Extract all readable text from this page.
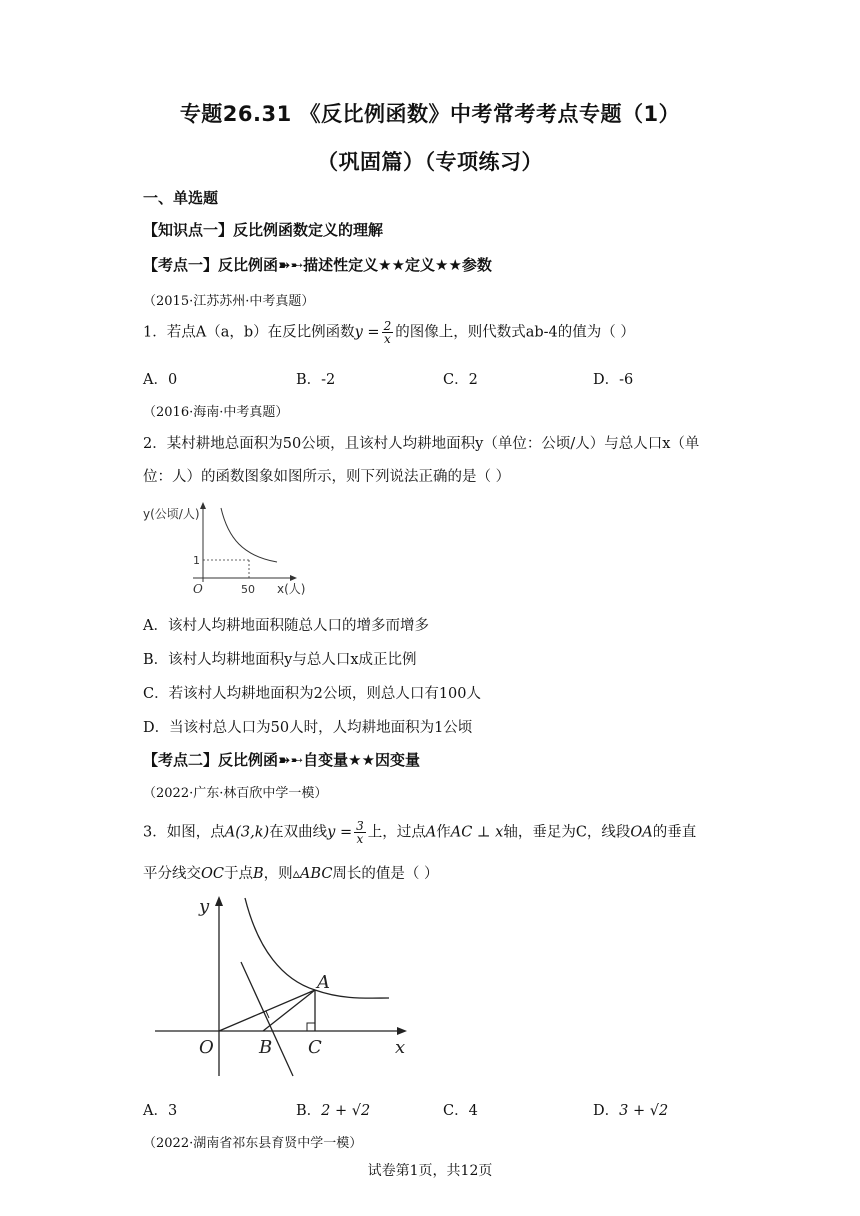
专题26.31 《反比例函数》中考常考考点专题（1）
（巩固篇）（专项练习）
一、单选题
【知识点一】反比例函数定义的理解
【考点一】反比例函➽➸描述性定义★★定义★★参数
（2015·江苏苏州·中考真题）
1．若点A（a，b）在反比例函数$y = \frac{2}{x}$ 的图像上，则代数式ab-4的值为（ ）
A．0	B．-2	C．2	D．-6
（2016·海南·中考真题）
2．某村耕地总面积为50公顷，且该村人均耕地面积y（单位：公顷/人）与总人口x（单
位：人）的函数图象如图所示，则下列说法正确的是（ ）
y(公顷/人)
1
O	50 x(人)
A．该村人均耕地面积随总人口的增多而增多
B．该村人均耕地面积y与总人口x成正比例
C．若该村人均耕地面积为2公顷，则总人口有100人
D．当该村总人口为50人时，人均耕地面积为1公顷
【考点二】反比例函➽➸自变量★★因变量
（2022·广东·林百欣中学一模）
3．如图，点A(3,k)在双曲线$y = \frac{3}{x}$ 上，过点A作AC ⊥ x轴，垂足为C，线段OA的垂直
平分线交OC于点B，则▵ABC周长的值是（ ）
y
x
O
A
B C
A．3	B．2 + √2	C．4	D．3 + √2
（2022·湖南省祁东县育贤中学一模）
试卷第1页，共12页
